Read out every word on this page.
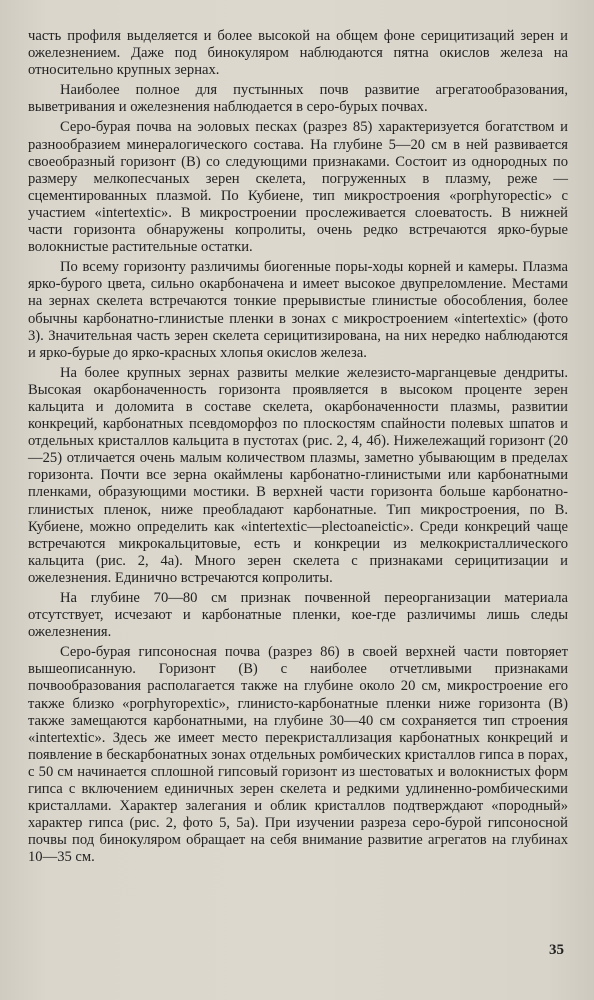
часть профиля выделяется и более высокой на общем фоне серицитизаций зерен и ожелезнением. Даже под бинокуляром наблюдаются пятна окислов железа на относительно крупных зернах.

Наиболее полное для пустынных почв развитие агрегатообразования, выветривания и ожелезнения наблюдается в серо-бурых почвах.

Серо-бурая почва на эоловых песках (разрез 85) характеризуется богатством и разнообразием минералогического состава. На глубине 5—20 см в ней развивается своеобразный горизонт (В) со следующими признаками. Состоит из однородных по размеру мелкопесчаных зерен скелета, погруженных в плазму, реже — сцементированных плазмой. По Кубиене, тип микростроения «porphyropectic» с участием «intertextic». В микростроении прослеживается слоеватость. В нижней части горизонта обнаружены копролиты, очень редко встречаются ярко-бурые волокнистые растительные остатки.

По всему горизонту различимы биогенные поры-ходы корней и камеры. Плазма ярко-бурого цвета, сильно окарбоначена и имеет высокое двупреломление. Местами на зернах скелета встречаются тонкие прерывистые глинистые обособления, более обычны карбонатно-глинистые пленки в зонах с микростроением «intertextic» (фото 3). Значительная часть зерен скелета серицитизирована, на них нередко наблюдаются и ярко-бурые до ярко-красных хлопья окислов железа.

На более крупных зернах развиты мелкие железисто-марганцевые дендриты. Высокая окарбоначенность горизонта проявляется в высоком проценте зерен кальцита и доломита в составе скелета, окарбоначенности плазмы, развитии конкреций, карбонатных псевдоморфоз по плоскостям спайности полевых шпатов и отдельных кристаллов кальцита в пустотах (рис. 2, 4, 4б). Нижележащий горизонт (20—25) отличается очень малым количеством плазмы, заметно убывающим в пределах горизонта. Почти все зерна окаймлены карбонатно-глинистыми или карбонатными пленками, образующими мостики. В верхней части горизонта больше карбонатно-глинистых пленок, ниже преобладают карбонатные. Тип микростроения, по В. Кубиене, можно определить как «intertextic—plectoaneictic». Среди конкреций чаще встречаются микрокальцитовые, есть и конкреции из мелкокристаллического кальцита (рис. 2, 4а). Много зерен скелета с признаками серицитизации и ожелезнения. Единично встречаются копролиты.

На глубине 70—80 см признак почвенной переорганизации материала отсутствует, исчезают и карбонатные пленки, кое-где различимы лишь следы ожелезнения.

Серо-бурая гипсоносная почва (разрез 86) в своей верхней части повторяет вышеописанную. Горизонт (В) с наиболее отчетливыми признаками почвообразования располагается также на глубине около 20 см, микростроение его также близко «porphyropextic», глинисто-карбонатные пленки ниже горизонта (В) также замещаются карбонатными, на глубине 30—40 см сохраняется тип строения «intertextic». Здесь же имеет место перекристаллизация карбонатных конкреций и появление в бескарбонатных зонах отдельных ромбических кристаллов гипса в порах, с 50 см начинается сплошной гипсовый горизонт из шестоватых и волокнистых форм гипса с включением единичных зерен скелета и редкими удлиненно-ромбическими кристаллами. Характер залегания и облик кристаллов подтверждают «породный» характер гипса (рис. 2, фото 5, 5а). При изучении разреза серо-бурой гипсоносной почвы под бинокуляром обращает на себя внимание развитие агрегатов на глубинах 10—35 см.

35
